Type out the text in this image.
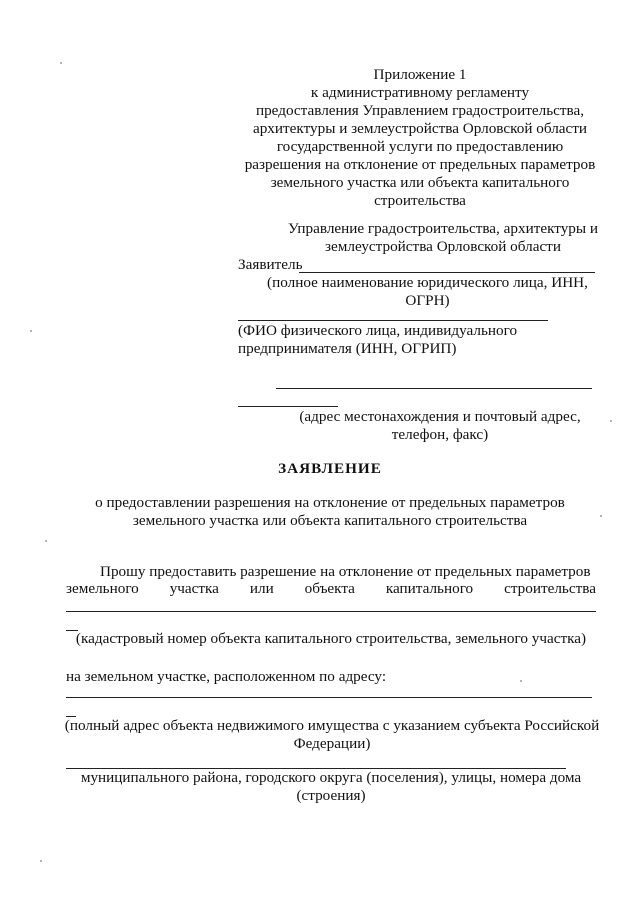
Приложение 1
к административному регламенту
предоставления Управлением градостроительства,
архитектуры и землеустройства Орловской области
государственной услуги по предоставлению
разрешения на отклонение от предельных параметров
земельного участка или объекта капитального
строительства
Управление градостроительства, архитектуры и
землеустройства Орловской области
Заявитель
(полное наименование юридического лица, ИНН,
ОГРН)
(ФИО физического лица, индивидуального
предпринимателя (ИНН, ОГРИП)
(адрес местонахождения и почтовый адрес,
телефон, факс)
ЗАЯВЛЕНИЕ
о предоставлении разрешения на отклонение от предельных параметров
земельного участка или объекта капитального строительства
Прошу предоставить разрешение на отклонение от предельных параметров
земельного участка или объекта капитального строительства
(кадастровый номер объекта капитального строительства, земельного участка)
на земельном участке, расположенном по адресу:
(полный адрес объекта недвижимого имущества с указанием субъекта Российской
Федерации)
муниципального района, городского округа (поселения), улицы, номера дома
(строения)
